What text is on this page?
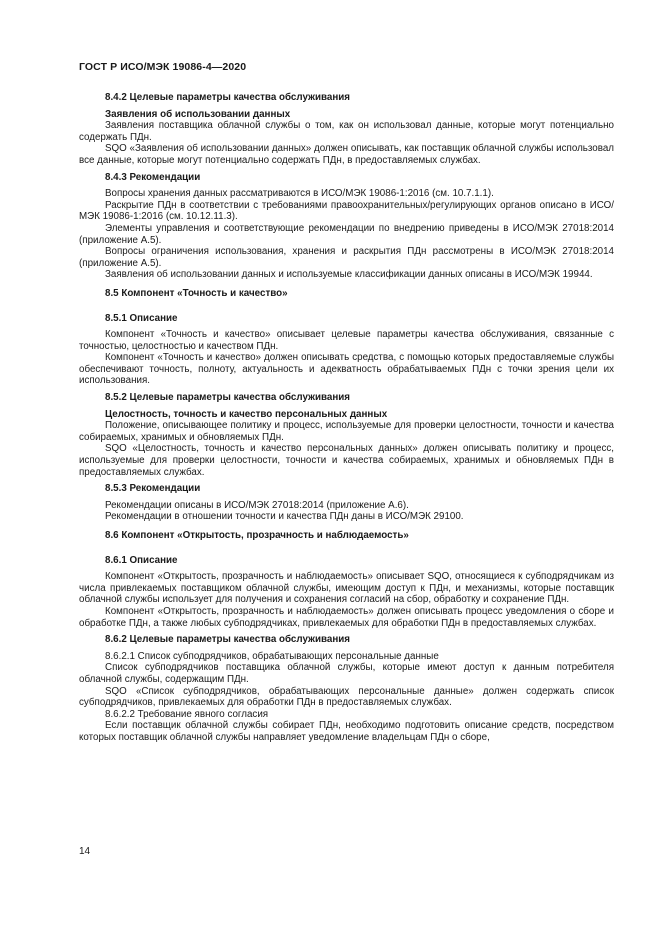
ГОСТ Р ИСО/МЭК 19086-4—2020
8.4.2 Целевые параметры качества обслуживания
Заявления об использовании данных

Заявления поставщика облачной службы о том, как он использовал данные, которые могут потенциально содержать ПДн.

SQO «Заявления об использовании данных» должен описывать, как поставщик облачной службы использовал все данные, которые могут потенциально содержать ПДн, в предоставляемых службах.

8.4.3 Рекомендации

Вопросы хранения данных рассматриваются в ИСО/МЭК 19086-1:2016 (см. 10.7.1.1).

Раскрытие ПДн в соответствии с требованиями правоохранительных/регулирующих органов описано в ИСО/МЭК 19086-1:2016 (см. 10.12.11.3).

Элементы управления и соответствующие рекомендации по внедрению приведены в ИСО/МЭК 27018:2014 (приложение А.5).

Вопросы ограничения использования, хранения и раскрытия ПДн рассмотрены в ИСО/МЭК 27018:2014 (приложение А.5).

Заявления об использовании данных и используемые классификации данных описаны в ИСО/МЭК 19944.

8.5 Компонент «Точность и качество»
8.5.1 Описание

Компонент «Точность и качество» описывает целевые параметры качества обслуживания, связанные с точностью, целостностью и качеством ПДн.

Компонент «Точность и качество» должен описывать средства, с помощью которых предоставляемые службы обеспечивают точность, полноту, актуальность и адекватность обрабатываемых ПДн с точки зрения цели их использования.

8.5.2 Целевые параметры качества обслуживания
Целостность, точность и качество персональных данных

Положение, описывающее политику и процесс, используемые для проверки целостности, точности и качества собираемых, хранимых и обновляемых ПДн.

SQO «Целостность, точность и качество персональных данных» должен описывать политику и процесс, используемые для проверки целостности, точности и качества собираемых, хранимых и обновляемых ПДн в предоставляемых службах.

8.5.3 Рекомендации

Рекомендации описаны в ИСО/МЭК 27018:2014 (приложение А.6).

Рекомендации в отношении точности и качества ПДн даны в ИСО/МЭК 29100.

8.6 Компонент «Открытость, прозрачность и наблюдаемость»
8.6.1 Описание

Компонент «Открытость, прозрачность и наблюдаемость» описывает SQO, относящиеся к субподрядчикам из числа привлекаемых поставщиком облачной службы, имеющим доступ к ПДн, и механизмы, которые поставщик облачной службы использует для получения и сохранения согласий на сбор, обработку и сохранение ПДн.

Компонент «Открытость, прозрачность и наблюдаемость» должен описывать процесс уведомления о сборе и обработке ПДн, а также любых субподрядчиках, привлекаемых для обработки ПДн в предоставляемых службах.

8.6.2 Целевые параметры качества обслуживания

8.6.2.1 Список субподрядчиков, обрабатывающих персональные данные

Список субподрядчиков поставщика облачной службы, которые имеют доступ к данным потребителя облачной службы, содержащим ПДн.

SQO «Список субподрядчиков, обрабатывающих персональные данные» должен содержать список субподрядчиков, привлекаемых для обработки ПДн в предоставляемых службах.

8.6.2.2 Требование явного согласия

Если поставщик облачной службы собирает ПДн, необходимо подготовить описание средств, посредством которых поставщик облачной службы направляет уведомление владельцам ПДн о сборе,

14
